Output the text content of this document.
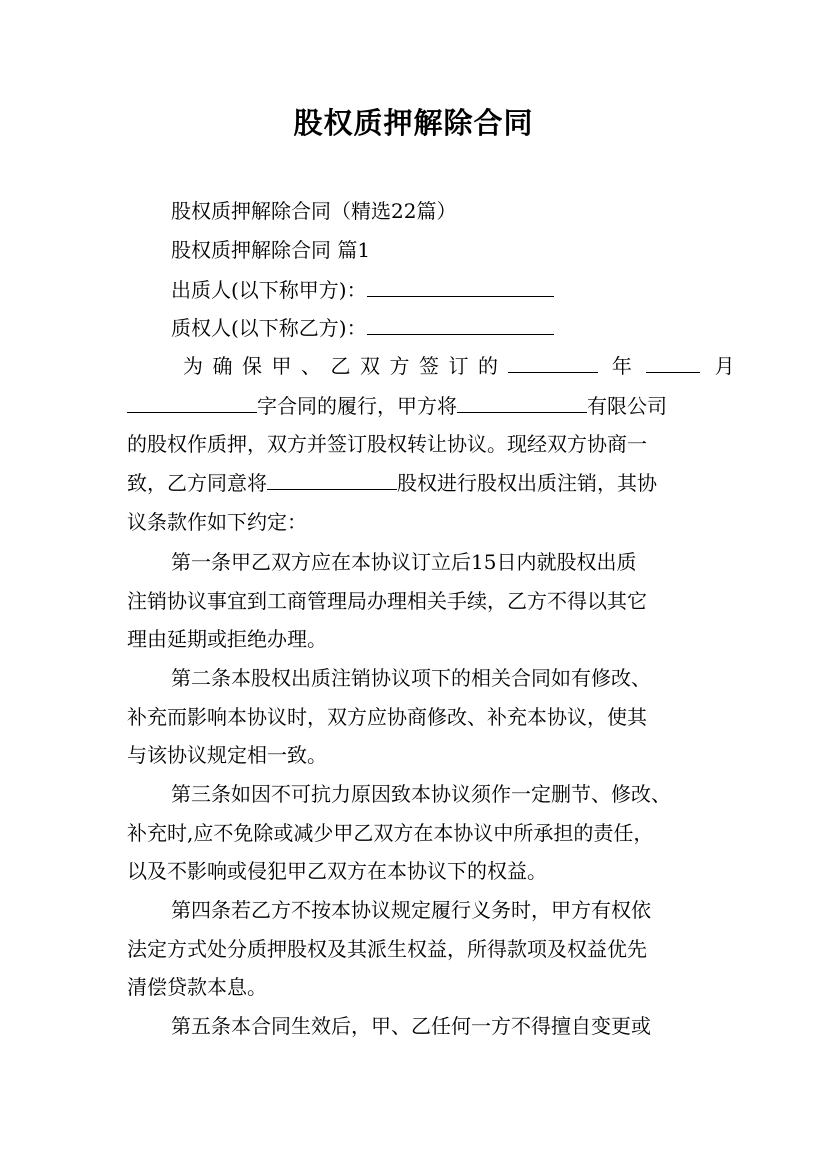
股权质押解除合同
股权质押解除合同（精选22篇）
股权质押解除合同 篇1
出质人(以下称甲方)：
质权人(以下称乙方)：
为确保甲、乙双方签订的	年	月
字合同的履行，甲方将	有限公司
的股权作质押，双方并签订股权转让协议。现经双方协商一
致，乙方同意将	股权进行股权出质注销，其协
议条款作如下约定：
第一条甲乙双方应在本协议订立后15日内就股权出质
注销协议事宜到工商管理局办理相关手续，乙方不得以其它
理由延期或拒绝办理。
第二条本股权出质注销协议项下的相关合同如有修改、
补充而影响本协议时，双方应协商修改、补充本协议，使其
与该协议规定相一致。
第三条如因不可抗力原因致本协议须作一定删节、修改、
补充时,应不免除或减少甲乙双方在本协议中所承担的责任，
以及不影响或侵犯甲乙双方在本协议下的权益。
第四条若乙方不按本协议规定履行义务时，甲方有权依
法定方式处分质押股权及其派生权益，所得款项及权益优先
清偿贷款本息。
第五条本合同生效后，甲、乙任何一方不得擅自变更或
